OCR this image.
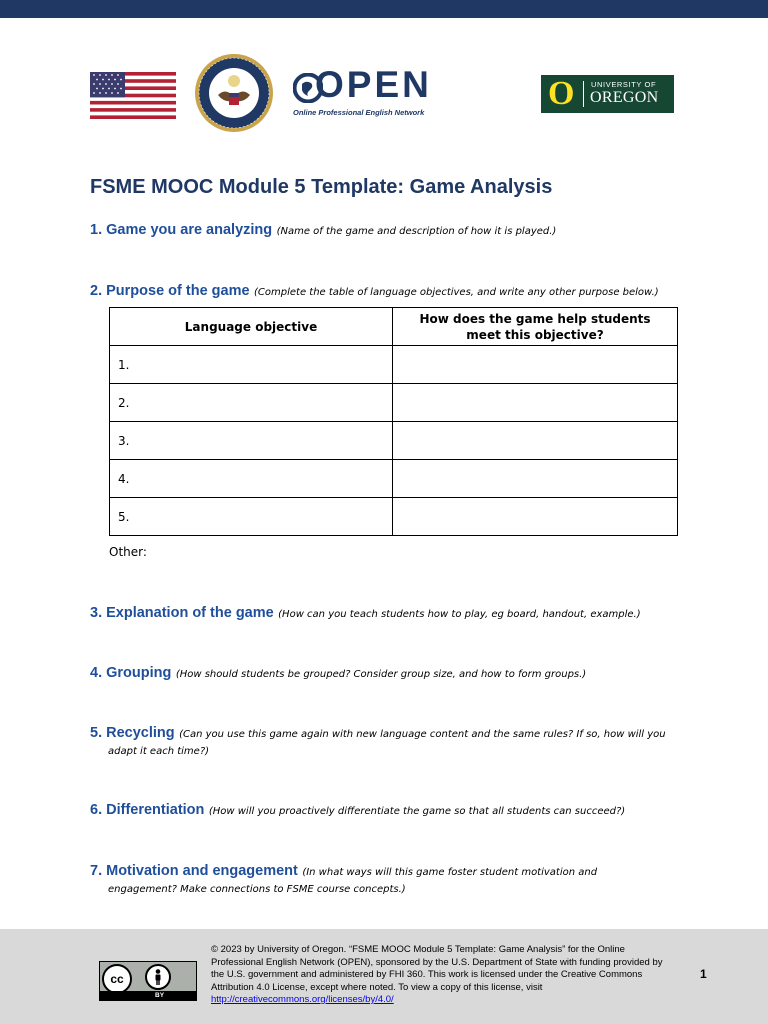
OPEN
Online Professional English Network
O UNIVERSITY OF
OREGON
FSME MOOC Module 5 Template: Game Analysis
1. Game you are analyzing (Name of the game and description of how it is played.)
2. Purpose of the game (Complete the table of language objectives, and write any other purpose below.)
Language objective	How does the game help students meet this objective?
1.	
2.	
3.	
4.	
5.	
Other:
3. Explanation of the game (How can you teach students how to play, eg board, handout, example.)
4. Grouping (How should students be grouped? Consider group size, and how to form groups.)
5. Recycling (Can you use this game again with new language content and the same rules? If so, how will you
adapt it each time?)
6. Differentiation (How will you proactively differentiate the game so that all students can succeed?)
7. Motivation and engagement (In what ways will this game foster student motivation and
engagement? Make connections to FSME course concepts.)
cc
BY
© 2023 by University of Oregon. “FSME MOOC Module 5 Template: Game Analysis” for the Online Professional English Network (OPEN), sponsored by the U.S. Department of State with funding provided by the U.S. government and administered by FHI 360. This work is licensed under the Creative Commons Attribution 4.0 License, except where noted. To view a copy of this license, visit http://creativecommons.org/licenses/by/4.0/
1
